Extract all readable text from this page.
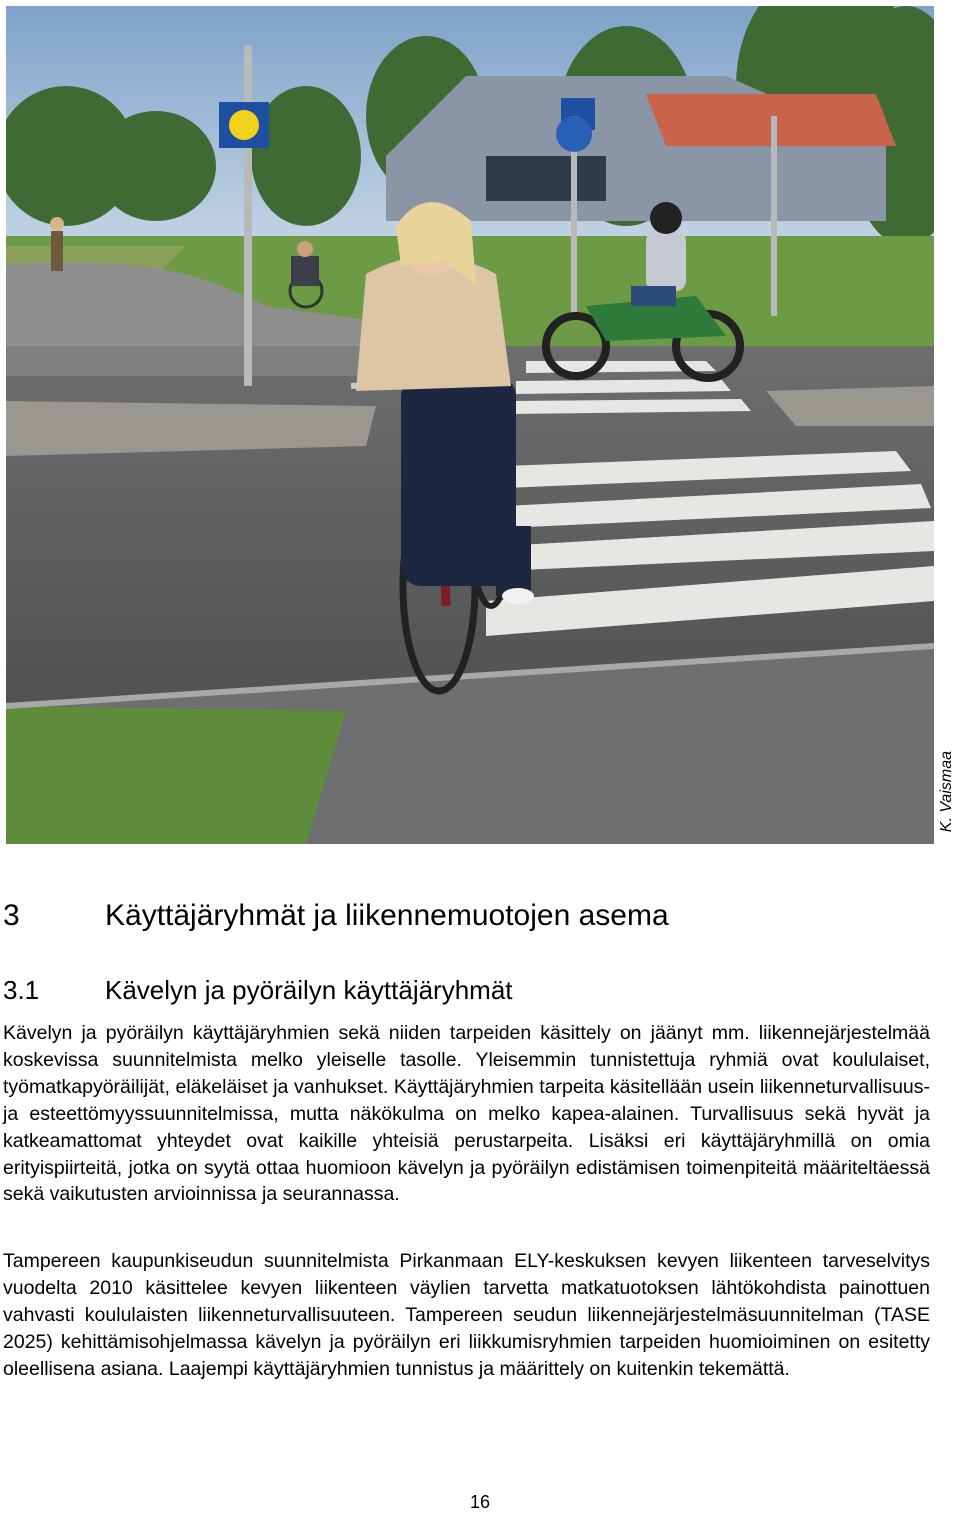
K. Vaismaa
3	Käyttäjäryhmät ja liikennemuotojen asema
3.1	Kävelyn ja pyöräilyn käyttäjäryhmät

Kävelyn ja pyöräilyn käyttäjäryhmien sekä niiden tarpeiden käsittely on jäänyt mm. liikennejärjestelmää koskevissa suunnitelmista melko yleiselle tasolle. Yleisemmin tunnistettuja ryhmiä ovat koululaiset, työmatkapyöräilijät, eläkeläiset ja vanhukset. Käyttäjäryhmien tarpeita käsitellään usein liikenneturvallisuus- ja esteettömyyssuunnitelmissa, mutta näkökulma on melko kapea-alainen. Turvallisuus sekä hyvät ja katkeamattomat yhteydet ovat kaikille yhteisiä perustarpeita. Lisäksi eri käyttäjäryhmillä on omia erityispiirteitä, jotka on syytä ottaa huomioon kävelyn ja pyöräilyn edistämisen toimenpiteitä määriteltäessä sekä vaikutusten arvioinnissa ja seurannassa.

Tampereen kaupunkiseudun suunnitelmista Pirkanmaan ELY-keskuksen kevyen liikenteen tarveselvitys vuodelta 2010 käsittelee kevyen liikenteen väylien tarvetta matkatuotoksen lähtökohdista painottuen vahvasti koululaisten liikenneturvallisuuteen. Tampereen seudun liikennejärjestelmäsuunnitelman (TASE 2025) kehittämisohjelmassa kävelyn ja pyöräilyn eri liikkumisryhmien tarpeiden huomioiminen on esitetty oleellisena asiana. Laajempi käyttäjäryhmien tunnistus ja määrittely on kuitenkin tekemättä.

16
